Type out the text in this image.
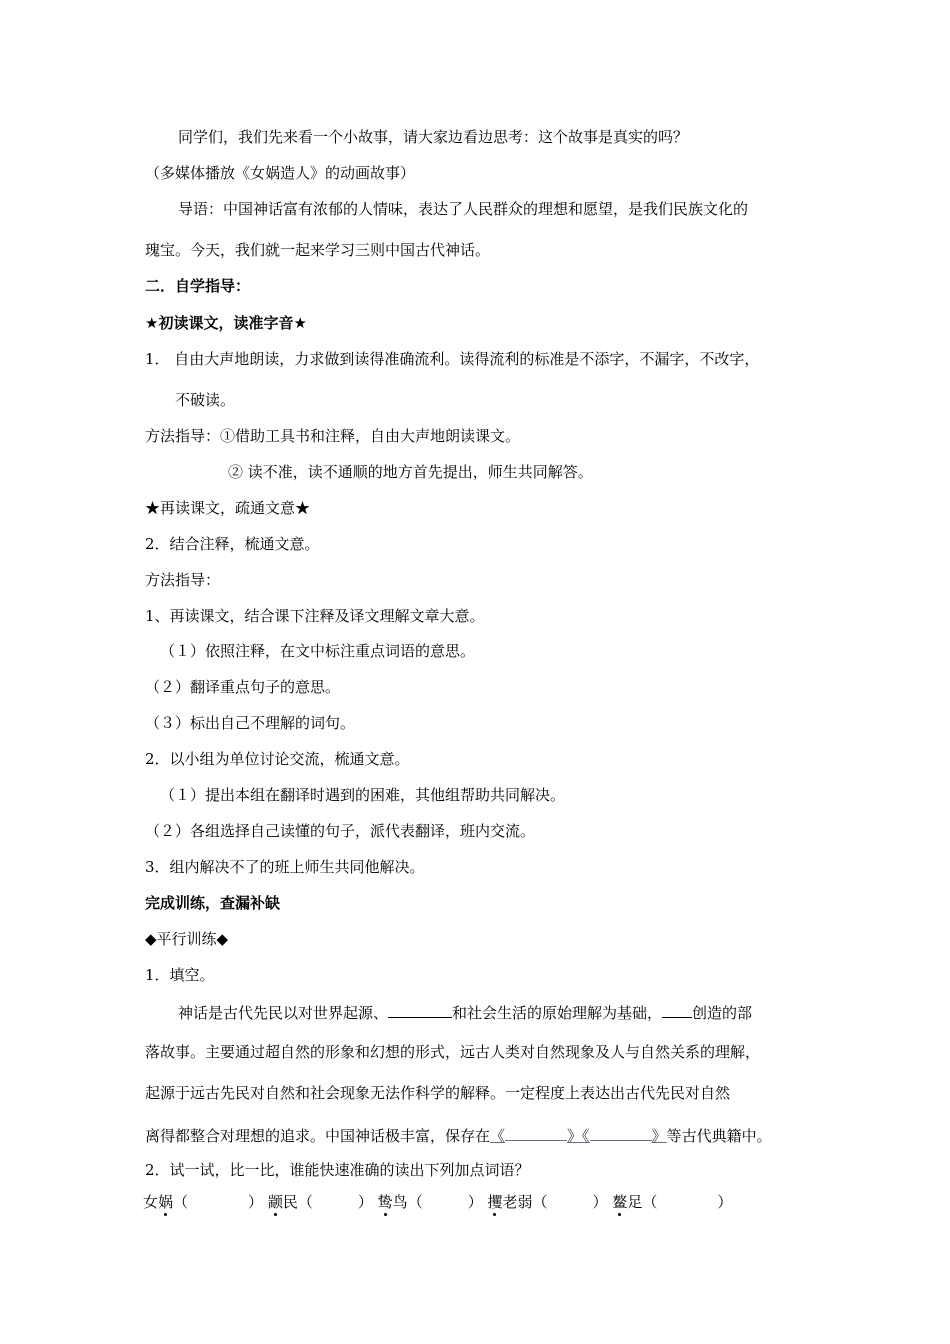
同学们，我们先来看一个小故事，请大家边看边思考：这个故事是真实的吗？
（多媒体播放《女娲造人》的动画故事）
导语：中国神话富有浓郁的人情味，表达了人民群众的理想和愿望，是我们民族文化的
瑰宝。今天，我们就一起来学习三则中国古代神话。
二．自学指导：
★初读课文，读准字音★
1． 自由大声地朗读，力求做到读得准确流利。读得流利的标准是不添字，不漏字，不改字，
不破读。
方法指导：①借助工具书和注释，自由大声地朗读课文。
② 读不准，读不通顺的地方首先提出，师生共同解答。
★再读课文，疏通文意★
2．结合注释，梳通文意。
方法指导：
1、再读课文，结合课下注释及译文理解文章大意。
（１）依照注释，在文中标注重点词语的意思。
（２）翻译重点句子的意思。
（３）标出自己不理解的词句。
2．以小组为单位讨论交流，梳通文意。
（１）提出本组在翻译时遇到的困难，其他组帮助共同解决。
（２）各组选择自己读懂的句子，派代表翻译，班内交流。
3．组内解决不了的班上师生共同他解决。
完成训练，查漏补缺
◆平行训练◆
1．填空。
神话是古代先民以对世界起源、	和社会生活的原始理解为基础， 创造的部
落故事。主要通过超自然的形象和幻想的形式，远古人类对自然现象及人与自然关系的理解，
起源于远古先民对自然和社会现象无法作科学的解释。一定程度上表达出古代先民对自然
离得都整合对理想的追求。中国神话极丰富，保存在《	》《	》等古代典籍中。
2．试一试，比一比，谁能快速准确的读出下列加点词语？
女娲（　　　　） 颛民（　　　） 鸷鸟（　　　） 攫老弱（　　　） 鳌足（　　　　）
